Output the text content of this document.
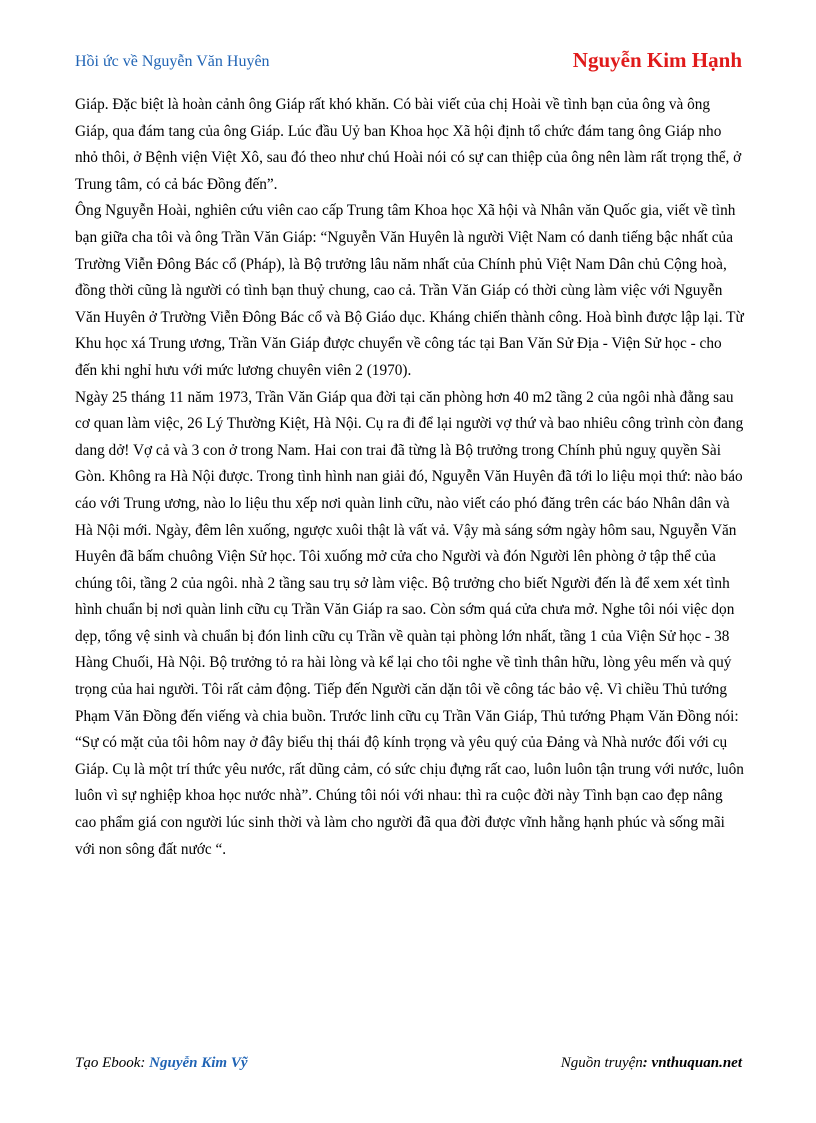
Hồi ức về Nguyễn Văn Huyên	Nguyễn Kim Hạnh

Giáp. Đặc biệt là hoàn cảnh ông Giáp rất khó khăn. Có bài viết của chị Hoài về tình bạn của ông và ông Giáp, qua đám tang của ông Giáp. Lúc đầu Uỷ ban Khoa học Xã hội định tổ chức đám tang ông Giáp nho nhỏ thôi, ở Bệnh viện Việt Xô, sau đó theo như chú Hoài nói có sự can thiệp của ông nên làm rất trọng thể, ở Trung tâm, có cả bác Đồng đến”.

Ông Nguyễn Hoài, nghiên cứu viên cao cấp Trung tâm Khoa học Xã hội và Nhân văn Quốc gia, viết về tình bạn giữa cha tôi và ông Trần Văn Giáp: “Nguyễn Văn Huyên là người Việt Nam có danh tiếng bậc nhất của Trường Viễn Đông Bác cổ (Pháp), là Bộ trưởng lâu năm nhất của Chính phủ Việt Nam Dân chủ Cộng hoà, đồng thời cũng là người có tình bạn thuỷ chung, cao cả. Trần Văn Giáp có thời cùng làm việc với Nguyễn Văn Huyên ở Trường Viễn Đông Bác cổ và Bộ Giáo dục. Kháng chiến thành công. Hoà bình được lập lại. Từ Khu học xá Trung ương, Trần Văn Giáp được chuyển về công tác tại Ban Văn Sử Địa - Viện Sử học - cho đến khi nghỉ hưu với mức lương chuyên viên 2 (1970).

Ngày 25 tháng 11 năm 1973, Trần Văn Giáp qua đời tại căn phòng hơn 40 m2 tầng 2 của ngôi nhà đằng sau cơ quan làm việc, 26 Lý Thường Kiệt, Hà Nội. Cụ ra đi để lại người vợ thứ và bao nhiêu công trình còn đang dang dở! Vợ cả và 3 con ở trong Nam. Hai con trai đã từng là Bộ trưởng trong Chính phủ nguỵ quyền Sài Gòn. Không ra Hà Nội được. Trong tình hình nan giải đó, Nguyễn Văn Huyên đã tới lo liệu mọi thứ: nào báo cáo với Trung ương, nào lo liệu thu xếp nơi quàn linh cữu, nào viết cáo phó đăng trên các báo Nhân dân và Hà Nội mới. Ngày, đêm lên xuống, ngược xuôi thật là vất vả. Vậy mà sáng sớm ngày hôm sau, Nguyễn Văn Huyên đã bấm chuông Viện Sử học. Tôi xuống mở cửa cho Người và đón Người lên phòng ở tập thể của chúng tôi, tầng 2 của ngôi. nhà 2 tầng sau trụ sở làm việc. Bộ trưởng cho biết Người đến là để xem xét tình hình chuẩn bị nơi quàn linh cữu cụ Trần Văn Giáp ra sao. Còn sớm quá cửa chưa mở. Nghe tôi nói việc dọn dẹp, tổng vệ sinh và chuẩn bị đón linh cữu cụ Trần về quàn tại phòng lớn nhất, tầng 1 của Viện Sử học - 38 Hàng Chuối, Hà Nội. Bộ trưởng tỏ ra hài lòng và kể lại cho tôi nghe về tình thân hữu, lòng yêu mến và quý trọng của hai người. Tôi rất cảm động. Tiếp đến Người căn dặn tôi về công tác bảo vệ. Vì chiều Thủ tướng Phạm Văn Đồng đến viếng và chia buồn. Trước linh cữu cụ Trần Văn Giáp, Thủ tướng Phạm Văn Đồng nói: “Sự có mặt của tôi hôm nay ở đây biểu thị thái độ kính trọng và yêu quý của Đảng và Nhà nước đối với cụ Giáp. Cụ là một trí thức yêu nước, rất dũng cảm, có sức chịu đựng rất cao, luôn luôn tận trung với nước, luôn luôn vì sự nghiệp khoa học nước nhà”. Chúng tôi nói với nhau: thì ra cuộc đời này Tình bạn cao đẹp nâng cao phẩm giá con người lúc sinh thời và làm cho người đã qua đời được vĩnh hằng hạnh phúc và sống mãi với non sông đất nước “.

Tạo Ebook: Nguyễn Kim Vỹ	Nguồn truyện: vnthuquan.net
